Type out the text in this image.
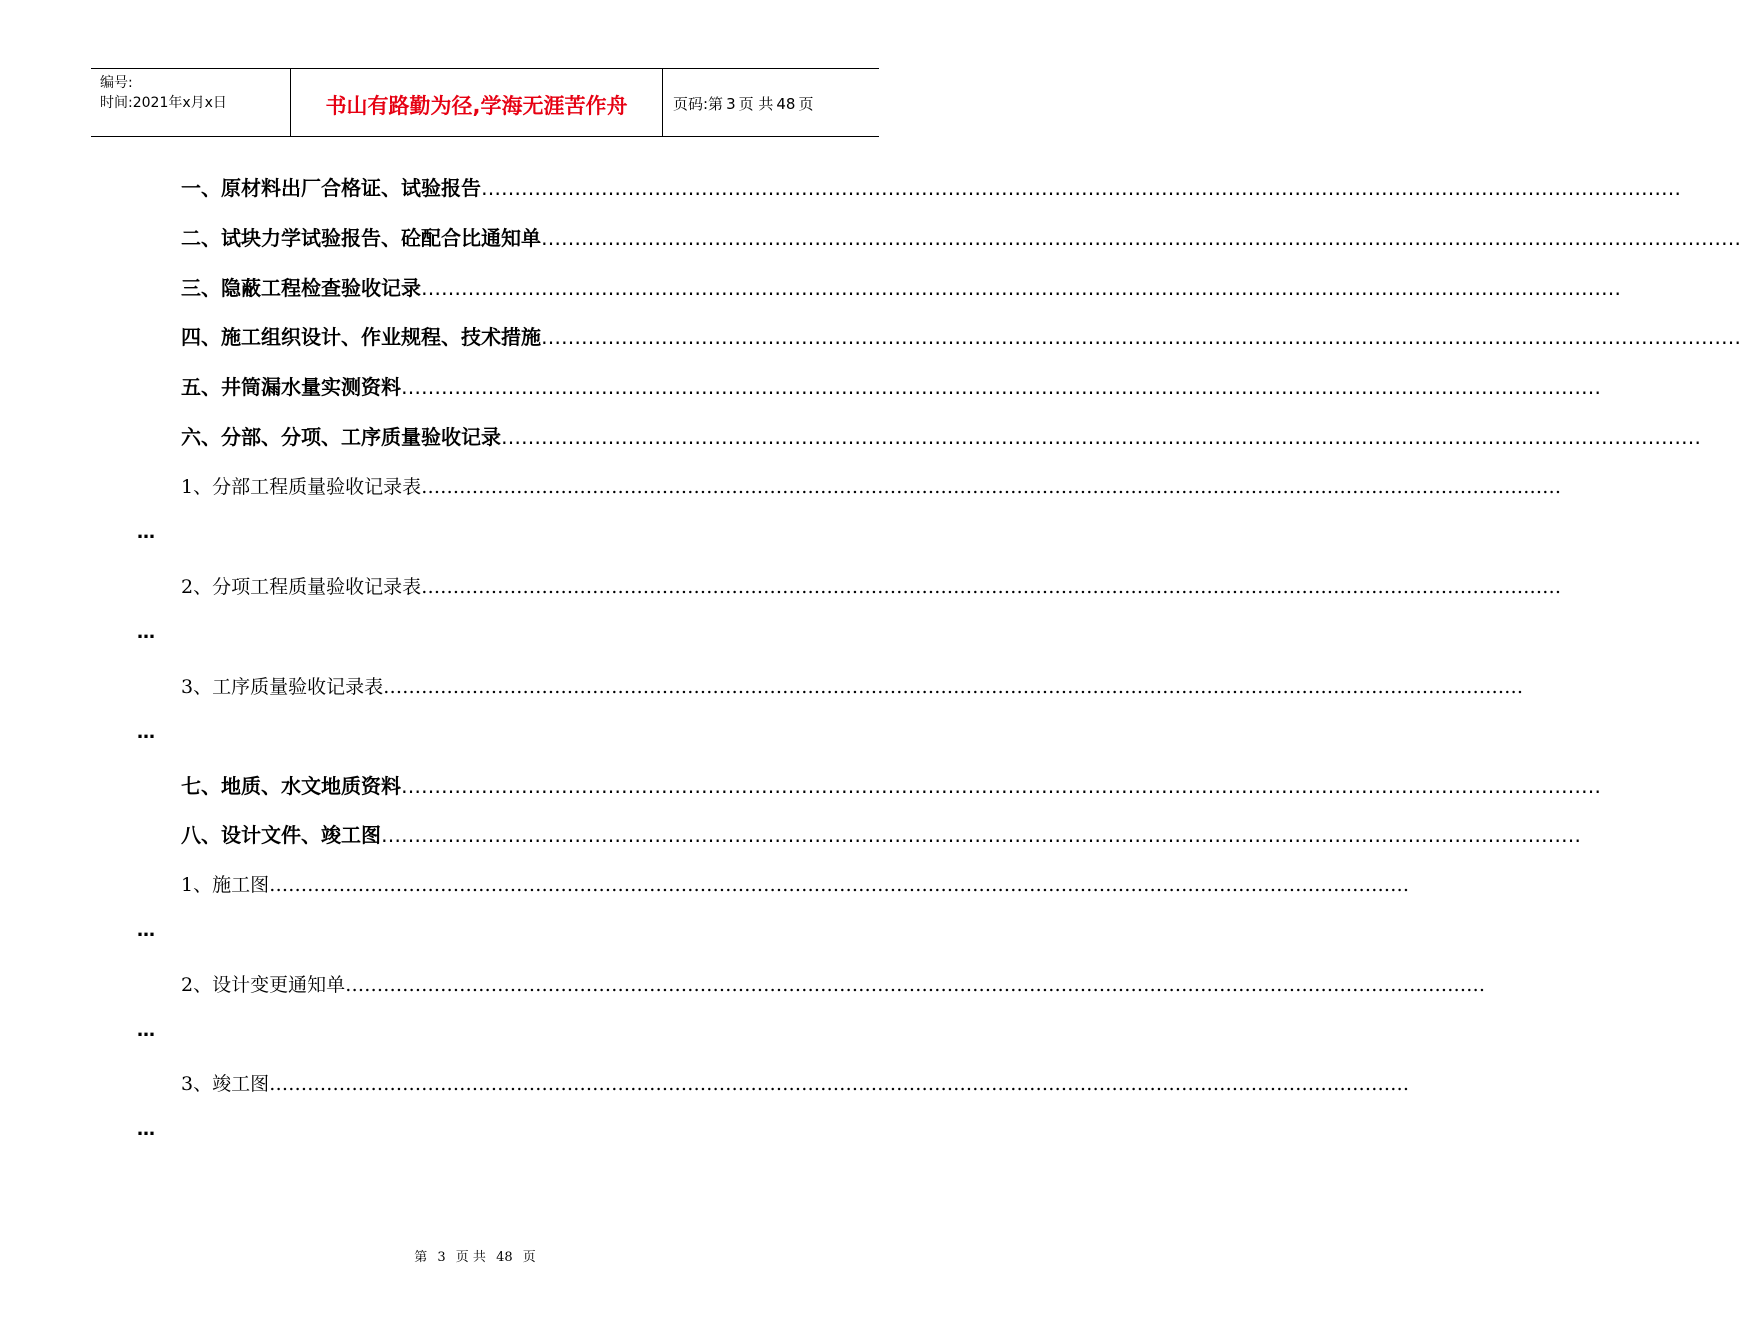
编号:
时间:2021年x月x日	书山有路勤为径,学海无涯苦作舟	页码:第 3 页 共 48 页
一、原材料出厂合格证、试验报告 ………………………………………………………………………………………………………………………………………………………………
二、试块力学试验报告、砼配合比通知单 ………………………………………………………………………………………………………………………………………………………………
三、隐蔽工程检查验收记录 ………………………………………………………………………………………………………………………………………………………………
四、施工组织设计、作业规程、技术措施 ………………………………………………………………………………………………………………………………………………………………
五、井筒漏水量实测资料 ………………………………………………………………………………………………………………………………………………………………
六、分部、分项、工序质量验收记录 ………………………………………………………………………………………………………………………………………………………………
1、分部工程质量验收记录表 ………………………………………………………………………………………………………………………………………………………………
…
2、分项工程质量验收记录表 ………………………………………………………………………………………………………………………………………………………………
…
3、工序质量验收记录表 ………………………………………………………………………………………………………………………………………………………………
…
七、地质、水文地质资料 ………………………………………………………………………………………………………………………………………………………………
八、设计文件、竣工图 ………………………………………………………………………………………………………………………………………………………………
1、施工图 ………………………………………………………………………………………………………………………………………………………………
…
2、设计变更通知单 ………………………………………………………………………………………………………………………………………………………………
…
3、竣工图 ………………………………………………………………………………………………………………………………………………………………
…
第 3 页 共 48 页
